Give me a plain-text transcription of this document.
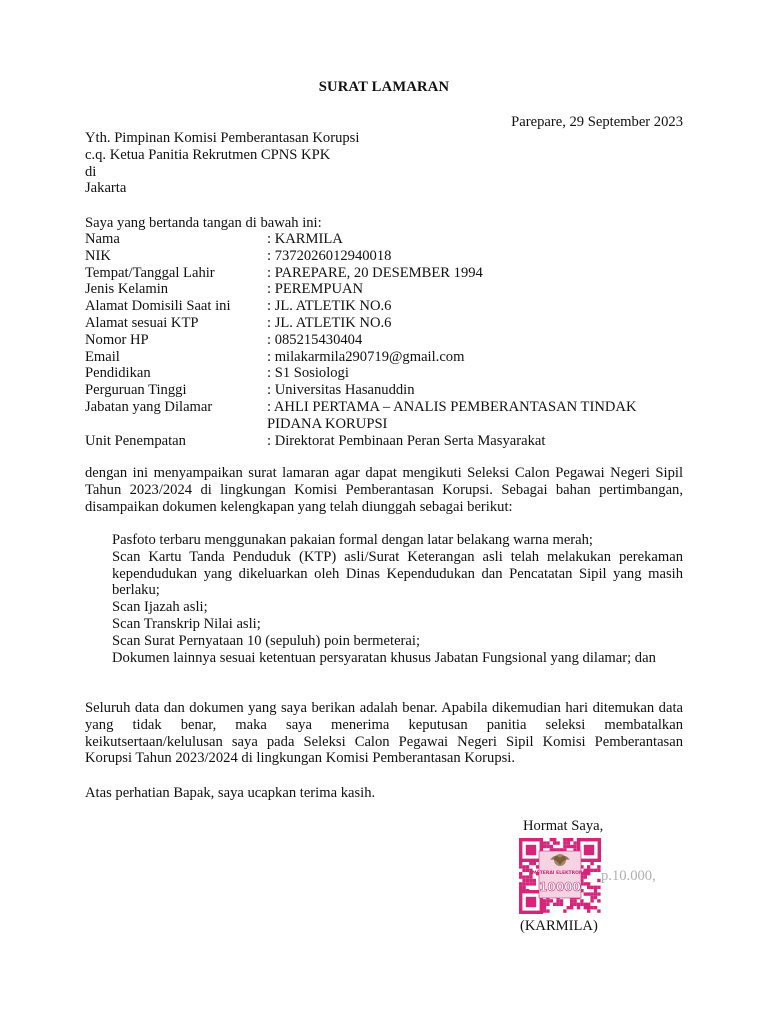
SURAT LAMARAN
Parepare, 29 September 2023
Yth. Pimpinan Komisi Pemberantasan Korupsi
c.q. Ketua Panitia Rekrutmen CPNS KPK
di
Jakarta
Saya yang bertanda tangan di bawah ini:
Nama	: KARMILA
NIK	: 7372026012940018
Tempat/Tanggal Lahir	: PAREPARE, 20 DESEMBER 1994
Jenis Kelamin	: PEREMPUAN
Alamat Domisili Saat ini	: JL. ATLETIK NO.6
Alamat sesuai KTP	: JL. ATLETIK NO.6
Nomor HP	: 085215430404
Email	: milakarmila290719@gmail.com
Pendidikan	: S1 Sosiologi
Perguruan Tinggi	: Universitas Hasanuddin
Jabatan yang Dilamar	: AHLI PERTAMA – ANALIS PEMBERANTASAN TINDAK PIDANA KORUPSI
Unit Penempatan	: Direktorat Pembinaan Peran Serta Masyarakat
dengan ini menyampaikan surat lamaran agar dapat mengikuti Seleksi Calon Pegawai Negeri Sipil Tahun 2023/2024 di lingkungan Komisi Pemberantasan Korupsi. Sebagai bahan pertimbangan, disampaikan dokumen kelengkapan yang telah diunggah sebagai berikut:
Pasfoto terbaru menggunakan pakaian formal dengan latar belakang warna merah;
Scan Kartu Tanda Penduduk (KTP) asli/Surat Keterangan asli telah melakukan perekaman kependudukan yang dikeluarkan oleh Dinas Kependudukan dan Pencatatan Sipil yang masih berlaku;
Scan Ijazah asli;
Scan Transkrip Nilai asli;
Scan Surat Pernyataan 10 (sepuluh) poin bermeterai;
Dokumen lainnya sesuai ketentuan persyaratan khusus Jabatan Fungsional yang dilamar; dan
Seluruh data dan dokumen yang saya berikan adalah benar. Apabila dikemudian hari ditemukan data yang tidak benar, maka saya menerima keputusan panitia seleksi membatalkan keikutsertaan/kelulusan saya pada Seleksi Calon Pegawai Negeri Sipil Komisi Pemberantasan Korupsi Tahun 2023/2024 di lingkungan Komisi Pemberantasan Korupsi.
Atas perhatian Bapak, saya ucapkan terima kasih.
Hormat Saya,
METERAI ELEKTRONIK
10000
p.10.000,
(KARMILA)
